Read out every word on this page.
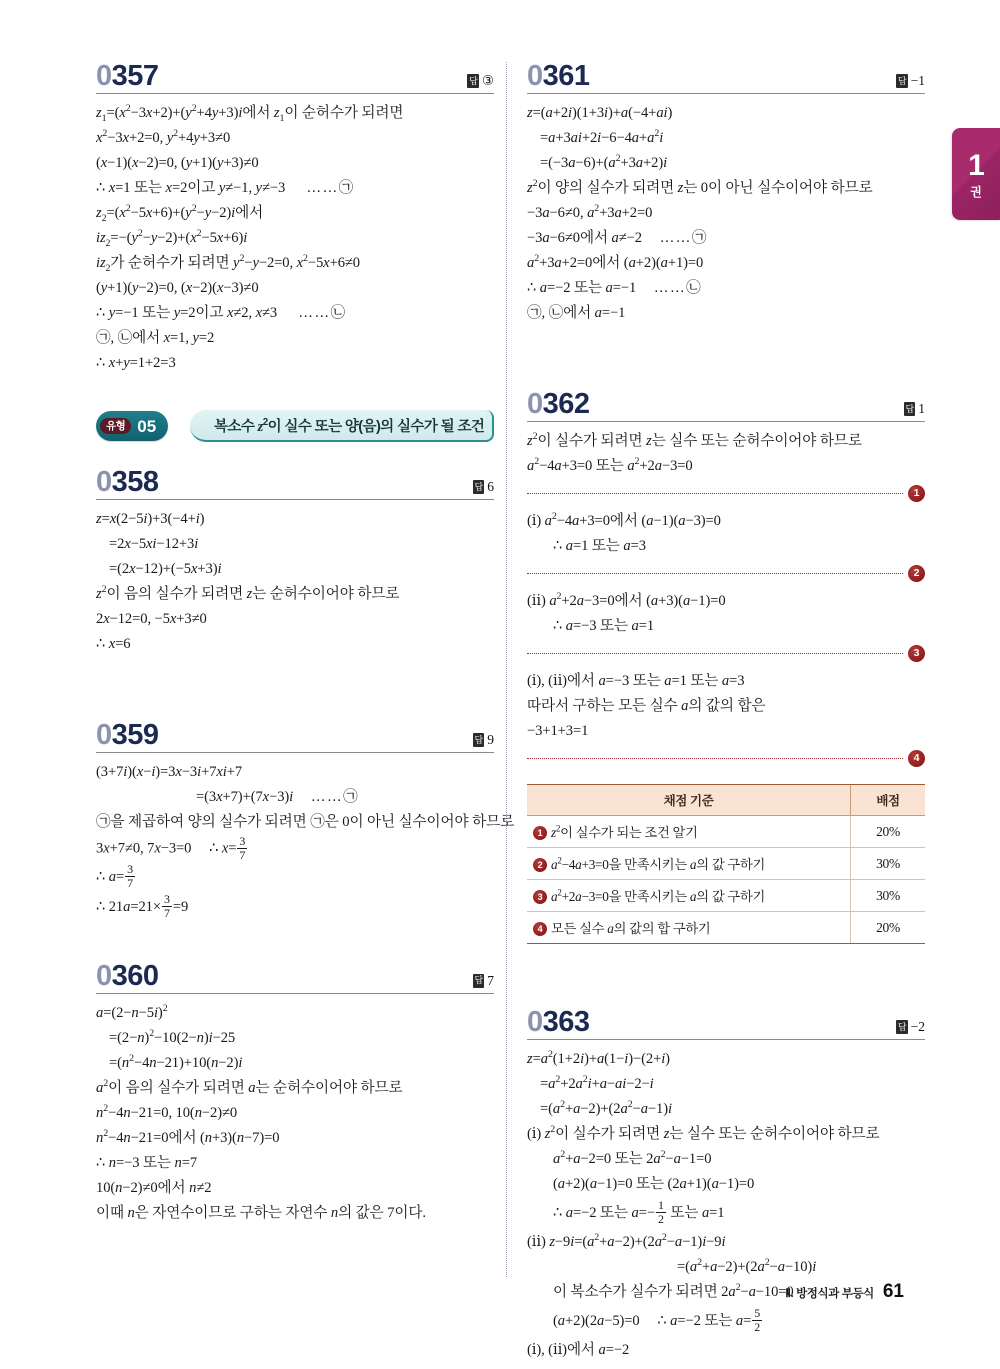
1
권
0357	답 ③
$z_1=(x^2-3x+2)+(y^2+4y+3)i$에서 $z_1$이 순허수가 되려면
$x^2-3x+2=0$, $y^2+4y+3\ne 0$
(x−1)(x−2)=0, (y+1)(y+3)≠0
∴ x=1 또는 x=2이고 y≠−1, y≠−3      ……㉠
$z_2=(x^2-5x+6)+(y^2-y-2)i$에서
$iz_2=-(y^2-y-2)+(x^2-5x+6)i$
$iz_2$가 순허수가 되려면 $y^2-y-2=0$, $x^2-5x+6\ne 0$
(y+1)(y−2)=0, (x−2)(x−3)≠0
∴ y=−1 또는 y=2이고 x≠2, x≠3      ……㉡
㉠, ㉡에서 x=1, y=2
∴ x+y=1+2=3
복소수 $z^2$이 실수 또는 양(음)의 실수가 될 조건
유형 05
0358	답 6
z=x(2−5i)+3(−4+i)
=2x−5xi−12+3i
=(2x−12)+(−5x+3)i
$z^2$이 음의 실수가 되려면 z는 순허수이어야 하므로
2x−12=0, −5x+3≠0
∴ x=6
0359	답 9
(3+7i)(x−i)=3x−3i+7xi+7
=(3x+7)+(7x−3)i ……㉠
㉠을 제곱하여 양의 실수가 되려면 ㉠은 0이 아닌 실수이어야 하므로
3x+7≠0, 7x−3=0     ∴ $x= \frac{3}{7}$
∴ $a= \frac{3}{7}$
∴ $21a=21\times \frac{3}{7} =9$
0360	답 7
$a=(2-n-5i)^2$
$=(2-n)^2-10(2-n)i-25$
$=(n^2-4n-21)+10(n-2)i$
$a^2$이 음의 실수가 되려면 a는 순허수이어야 하므로
$n^2-4n-21=0$, 10(n−2)≠0
$n^2-4n-21=0$에서 (n+3)(n−7)=0
∴ n=−3 또는 n=7
10(n−2)≠0에서 n≠2
이때 n은 자연수이므로 구하는 자연수 n의 값은 7이다.
0361	답 −1
z=(a+2i)(1+3i)+a(−4+ai)
$=a+3ai+2i-6-4a+a^2i$
$=(-3a-6)+(a^2+3a+2)i$
$z^2$이 양의 실수가 되려면 z는 0이 아닌 실수이어야 하므로
−3a−6≠0, $a^2+3a+2=0$
−3a−6≠0에서 a≠−2     ……㉠
$a^2+3a+2=0$에서 (a+2)(a+1)=0
∴ a=−2 또는 a=−1     ……㉡
㉠, ㉡에서 a=−1
0362	답 1
$z^2$이 실수가 되려면 z는 실수 또는 순허수이어야 하므로
$a^2-4a+3=0$ 또는 $a^2+2a-3=0$
1
(ⅰ) $a^2-4a+3=0$에서 (a−1)(a−3)=0
∴ a=1 또는 a=3
2
(ⅱ) $a^2+2a-3=0$에서 (a+3)(a−1)=0
∴ a=−3 또는 a=1
3
(ⅰ), (ⅱ)에서 a=−3 또는 a=1 또는 a=3
따라서 구하는 모든 실수 a의 값의 합은
−3+1+3=1
4
채점 기준	배점
1 $z^2$이 실수가 되는 조건 알기	20%
2 $a^2-4a+3=0$을 만족시키는 a의 값 구하기	30%
3 $a^2+2a-3=0$을 만족시키는 a의 값 구하기	30%
4 모든 실수 a의 값의 합 구하기	20%
0363	답 −2
$z=a^2(1+2i)+a(1-i)-(2+i)$
$=a^2+2a^2i+a-ai-2-i$
$=(a^2+a-2)+(2a^2-a-1)i$
(ⅰ) $z^2$이 실수가 되려면 z는 실수 또는 순허수이어야 하므로
$a^2+a-2=0$ 또는 $2a^2-a-1=0$
(a+2)(a−1)=0 또는 (2a+1)(a−1)=0
∴ a=−2 또는 $a=- \frac{1}{2}$ 또는 a=1
(ⅱ) $z-9i=(a^2+a-2)+(2a^2-a-1)i-9i$
$=(a^2+a-2)+(2a^2-a-10)i$
이 복소수가 실수가 되려면 $2a^2-a-10=0$
(a+2)(2a−5)=0     ∴ a=−2 또는 $a= \frac{5}{2}$
(ⅰ), (ⅱ)에서 a=−2
Ⅱ. 방정식과 부등식 61
